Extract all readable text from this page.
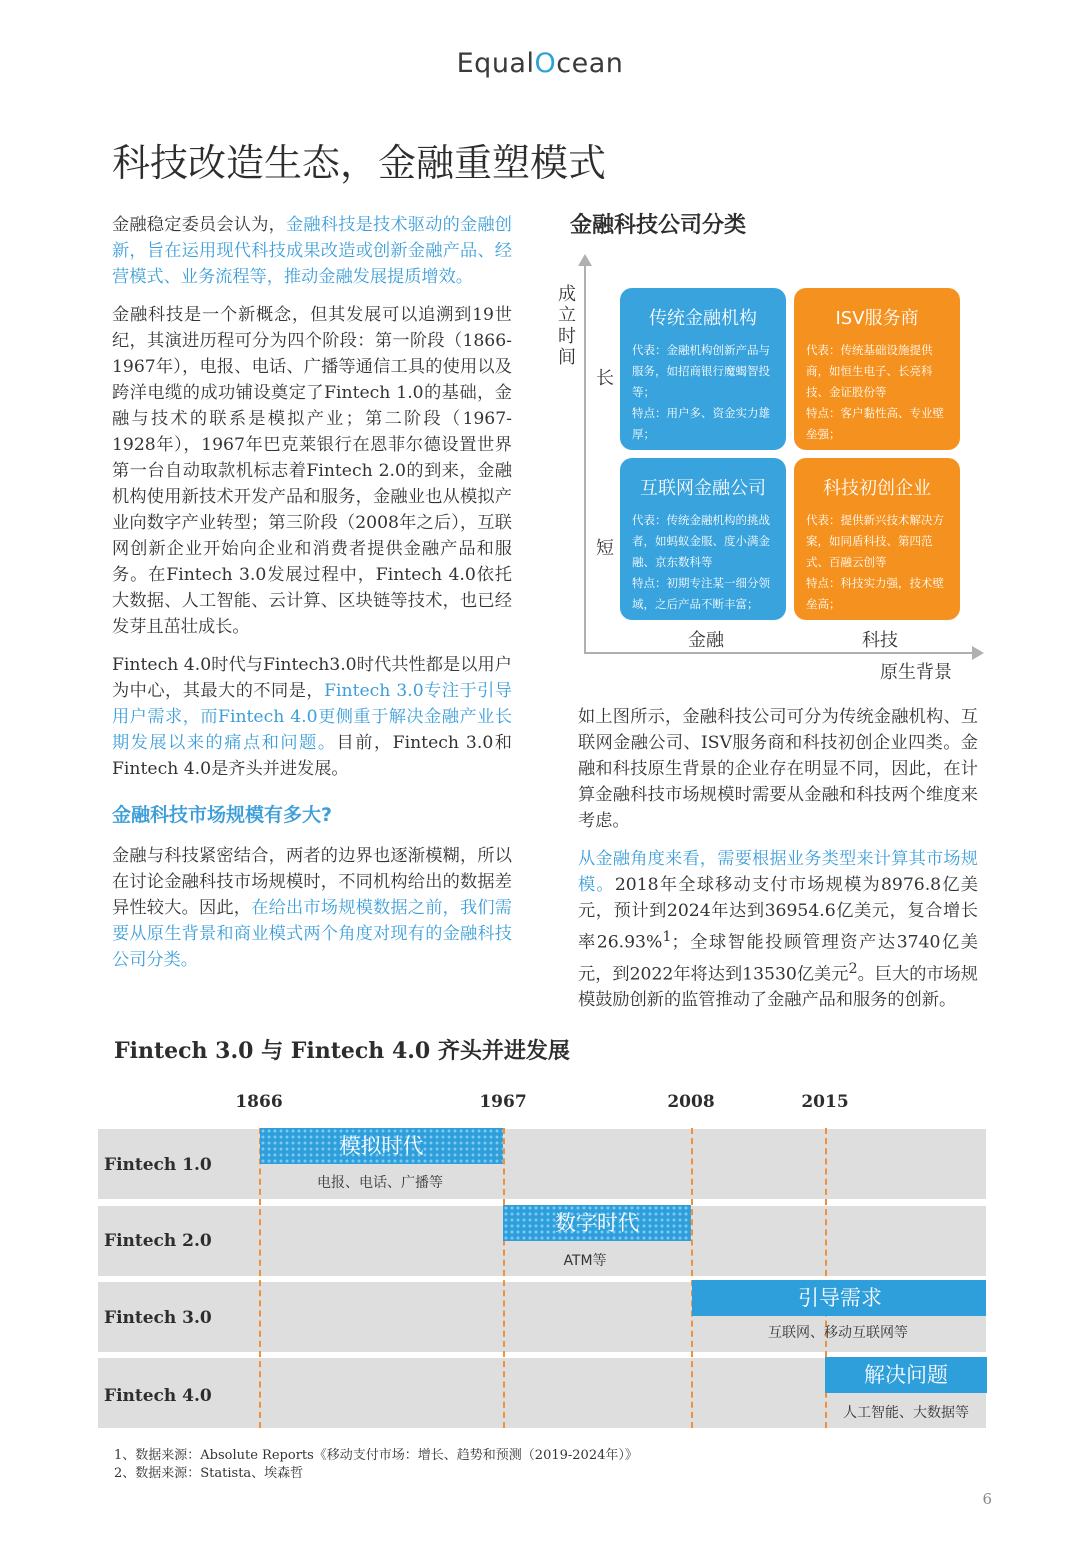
EqualOcean
科技改造生态，金融重塑模式

金融稳定委员会认为，金融科技是技术驱动的金融创新，旨在运用现代科技成果改造或创新金融产品、经营模式、业务流程等，推动金融发展提质增效。

金融科技是一个新概念，但其发展可以追溯到19世纪，其演进历程可分为四个阶段：第一阶段（1866-1967年），电报、电话、广播等通信工具的使用以及跨洋电缆的成功铺设奠定了Fintech 1.0的基础，金融与技术的联系是模拟产业；第二阶段（1967-1928年），1967年巴克莱银行在恩菲尔德设置世界第一台自动取款机标志着Fintech 2.0的到来，金融机构使用新技术开发产品和服务，金融业也从模拟产业向数字产业转型；第三阶段（2008年之后），互联网创新企业开始向企业和消费者提供金融产品和服务。在Fintech 3.0发展过程中，Fintech 4.0依托大数据、人工智能、云计算、区块链等技术，也已经发芽且茁壮成长。

Fintech 4.0时代与Fintech3.0时代共性都是以用户为中心，其最大的不同是，Fintech 3.0专注于引导用户需求，而Fintech 4.0更侧重于解决金融产业长期发展以来的痛点和问题。目前，Fintech 3.0和Fintech 4.0是齐头并进发展。

金融科技市场规模有多大?

金融与科技紧密结合，两者的边界也逐渐模糊，所以在讨论金融科技市场规模时，不同机构给出的数据差异性较大。因此，在给出市场规模数据之前，我们需要从原生背景和商业模式两个角度对现有的金融科技公司分类。

金融科技公司分类
成立时间
长
短
金融	科技
原生背景
传统金融机构
代表：金融机构创新产品与服务，如招商银行魔蝎智投等；
特点：用户多、资金实力雄厚；
ISV服务商
代表：传统基础设施提供商，如恒生电子、长亮科技、金证股份等
特点：客户黏性高、专业壁垒强；
互联网金融公司
代表：传统金融机构的挑战者，如蚂蚁金服、度小满金融、京东数科等
特点：初期专注某一细分领域，之后产品不断丰富；
科技初创企业
代表：提供新兴技术解决方案，如同盾科技、第四范式、百融云创等
特点：科技实力强，技术壁垒高；

如上图所示，金融科技公司可分为传统金融机构、互联网金融公司、ISV服务商和科技初创企业四类。金融和科技原生背景的企业存在明显不同，因此，在计算金融科技市场规模时需要从金融和科技两个维度来考虑。

从金融角度来看，需要根据业务类型来计算其市场规模。2018年全球移动支付市场规模为8976.8亿美元，预计到2024年达到36954.6亿美元，复合增长率26.93%$^1$；全球智能投顾管理资产达3740亿美元，到2022年将达到13530亿美元$^2$。巨大的市场规模鼓励创新的监管推动了金融产品和服务的创新。

Fintech 3.0 与 Fintech 4.0 齐头并进发展
1866	1967	2008	2015
Fintech 1.0
Fintech 2.0
Fintech 3.0
Fintech 4.0
模拟时代
数字时代
引导需求
解决问题
电报、电话、广播等
ATM等
互联网、移动互联网等
人工智能、大数据等
1、数据来源：Absolute Reports《移动支付市场：增长、趋势和预测（2019-2024年）》
2、数据来源：Statista、埃森哲
6
